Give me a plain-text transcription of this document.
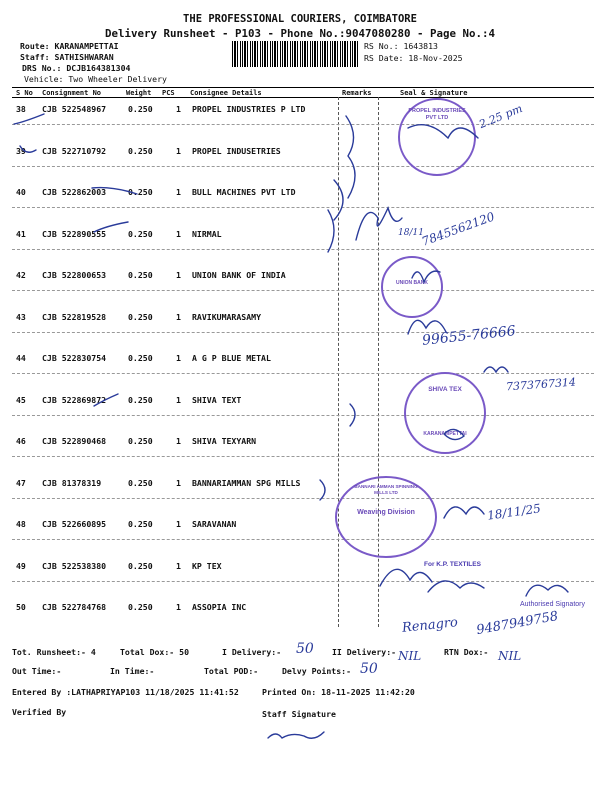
THE PROFESSIONAL COURIERS, COIMBATORE
Delivery Runsheet - P103 - Phone No.:9047080280 - Page No.:4
Route: KARANAMPETTAI
Staff: SATHISHWARAN
DRS No.: DCJB164381304
Vehicle: Two Wheeler Delivery
RS No.: 1643813
RS Date: 18-Nov-2025
S No Consignment No	Weight PCS Consignee Details	Remarks	Seal & Signature
38 CJB 522548967	0.250	1 PROPEL INDUSTRIES P LTD
39 CJB 522710792	0.250	1 PROPEL INDUSETRIES
40 CJB 522862003	0.250	1 BULL MACHINES PVT LTD
41 CJB 522890555	0.250	1 NIRMAL
42 CJB 522800653	0.250	1 UNION BANK OF INDIA
43 CJB 522819528	0.250	1 RAVIKUMARASAMY
44 CJB 522830754	0.250	1 A G P BLUE METAL
45 CJB 522869872	0.250	1 SHIVA TEXT
46 CJB 522890468	0.250	1 SHIVA TEXYARN
47 CJB 81378319	0.250	1 BANNARIAMMAN SPG MILLS
48 CJB 522660895	0.250	1 SARAVANAN
49 CJB 522538380	0.250	1 KP TEX
50 CJB 522784768	0.250	1 ASSOPIA INC
PROPEL INDUSTRIES PVT LTD
UNION BANK
SHIVA TEX
KARANAMPETTAI
BANNARI AMMAN SPINNING MILLS LTD
Weaving Division
For K.P. TEXTILES
Authorised Signatory
2.25 pm
18/11
7845562120
99655-76666
7373767314
18/11/25
Renagro 9487949758
Tot. Runsheet:- 4	Total Dox:- 50	I Delivery:- 50 II Delivery:- NIL	RTN Dox:- NIL
Out Time:-	In Time:-	Total POD:-	Delvy Points:- 50
Entered By :LATHAPRIYAP103 11/18/2025 11:41:52	Printed On: 18-11-2025 11:42:20
Verified By	Staff Signature
